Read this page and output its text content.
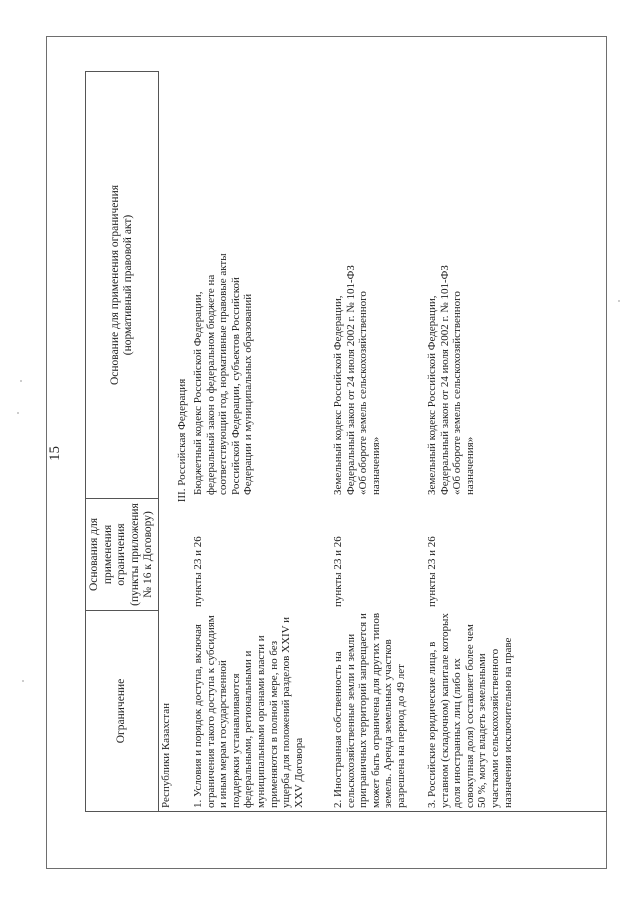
15
Ограничение
Основания для применения ограничения (пункты приложения № 16 к Договору)
Основание для применения ограничения (нормативный правовой акт)
Республики Казахстан
III. Российская Федерация
1. Условия и порядок доступа, включая ограничения такого доступа к субсидиям и иным мерам государственной поддержки устанавливаются федеральными, региональными и муниципальными органами власти и применяются в полной мере, но без ущерба для положений разделов XXIV и XXV Договора
пункты 23 и 26
Бюджетный кодекс Российской Федерации, федеральный закон о федеральном бюджете на соответствующий год, нормативные правовые акты Российской Федерации, субъектов Российской Федерации и муниципальных образований
2. Иностранная собственность на сельскохозяйственные земли и земли приграничных территорий запрещается и может быть ограничена для других типов земель. Аренда земельных участков разрешена на период до 49 лет
пункты 23 и 26
Земельный кодекс Российской Федерации, Федеральный закон от 24 июля 2002 г. № 101-ФЗ «Об обороте земель сельскохозяйственного назначения»
3. Российские юридические лица, в уставном (складочном) капитале которых доля иностранных лиц (либо их совокупная доля) составляет более чем 50 %, могут владеть земельными участками сельскохозяйственного назначения исключительно на праве
пункты 23 и 26
Земельный кодекс Российской Федерации, Федеральный закон от 24 июля 2002 г. № 101-ФЗ «Об обороте земель сельскохозяйственного назначения»
